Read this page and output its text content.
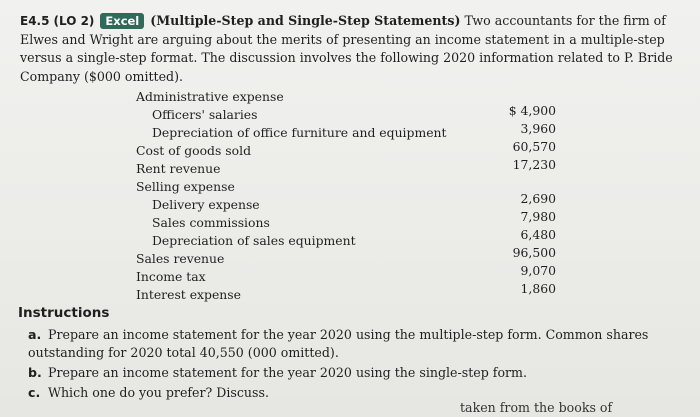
E4.5 (LO 2) Excel (Multiple-Step and Single-Step Statements) Two accountants for the firm of Elwes and Wright are arguing about the merits of presenting an income statement in a multiple-step versus a single-step format. The discussion involves the following 2020 information related to P. Bride Company ($000 omitted).
Administrative expense
Officers' salaries	$ 4,900
Depreciation of office furniture and equipment	3,960
Cost of goods sold	60,570
Rent revenue	17,230
Selling expense
Delivery expense	2,690
Sales commissions	7,980
Depreciation of sales equipment	6,480
Sales revenue	96,500
Income tax	9,070
Interest expense	1,860
Instructions
a. Prepare an income statement for the year 2020 using the multiple-step form. Common shares outstanding for 2020 total 40,550 (000 omitted).
b. Prepare an income statement for the year 2020 using the single-step form.
c. Which one do you prefer? Discuss.
taken from the books of
